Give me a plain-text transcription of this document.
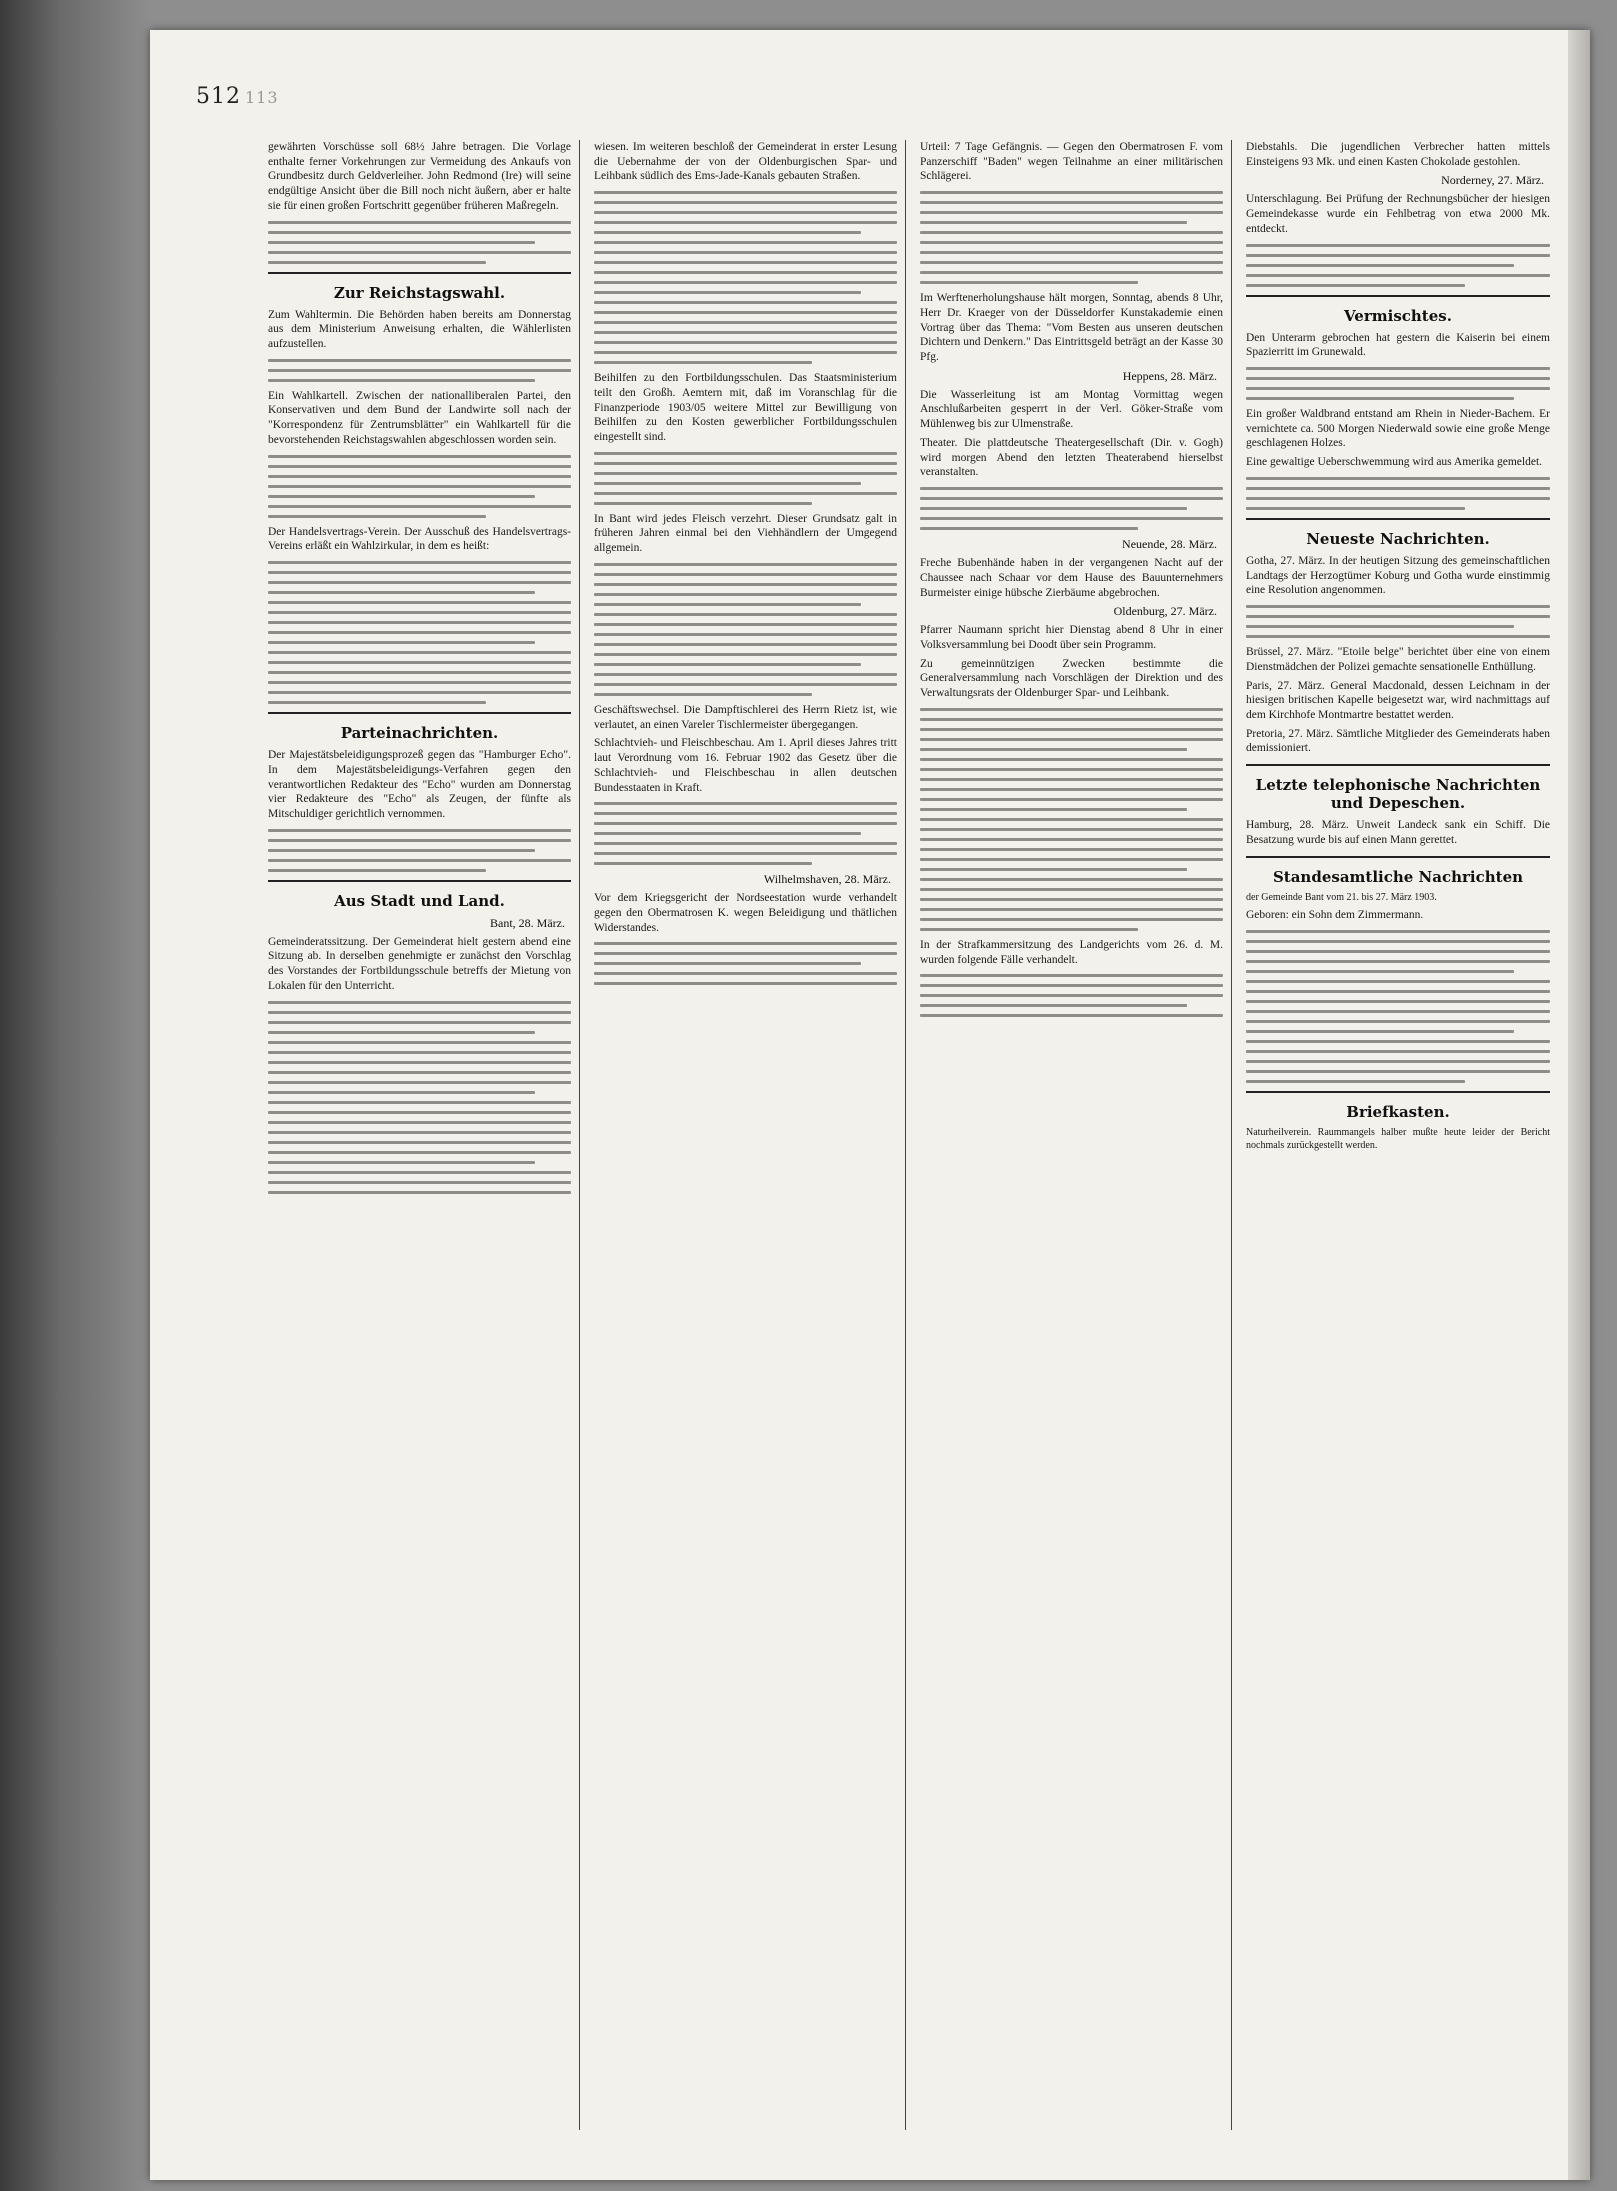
512 113

gewährten Vorschüsse soll 68½ Jahre betragen. Die Vorlage enthalte ferner Vorkehrungen zur Vermeidung des Ankaufs von Grundbesitz durch Geldverleiher. John Redmond (Ire) will seine endgültige Ansicht über die Bill noch nicht äußern, aber er halte sie für einen großen Fortschritt gegenüber früheren Maßregeln.

Zur Reichstagswahl.

Zum Wahltermin. Die Behörden haben bereits am Donnerstag aus dem Ministerium Anweisung erhalten, die Wählerlisten aufzustellen.

Ein Wahlkartell. Zwischen der nationalliberalen Partei, den Konservativen und dem Bund der Landwirte soll nach der "Korrespondenz für Zentrumsblätter" ein Wahlkartell für die bevorstehenden Reichstagswahlen abgeschlossen worden sein.

Der Handelsvertrags-Verein. Der Ausschuß des Handelsvertrags-Vereins erläßt ein Wahlzirkular, in dem es heißt:

Parteinachrichten.

Der Majestätsbeleidigungsprozeß gegen das "Hamburger Echo". In dem Majestätsbeleidigungs-Verfahren gegen den verantwortlichen Redakteur des "Echo" wurden am Donnerstag vier Redakteure des "Echo" als Zeugen, der fünfte als Mitschuldiger gerichtlich vernommen.

Aus Stadt und Land.
Bant, 28. März.

Gemeinderatssitzung. Der Gemeinderat hielt gestern abend eine Sitzung ab. In derselben genehmigte er zunächst den Vorschlag des Vorstandes der Fortbildungsschule betreffs der Mietung von Lokalen für den Unterricht.

wiesen. Im weiteren beschloß der Gemeinderat in erster Lesung die Uebernahme der von der Oldenburgischen Spar- und Leihbank südlich des Ems-Jade-Kanals gebauten Straßen.

Beihilfen zu den Fortbildungsschulen. Das Staatsministerium teilt den Großh. Aemtern mit, daß im Voranschlag für die Finanzperiode 1903/05 weitere Mittel zur Bewilligung von Beihilfen zu den Kosten gewerblicher Fortbildungsschulen eingestellt sind.

In Bant wird jedes Fleisch verzehrt. Dieser Grundsatz galt in früheren Jahren einmal bei den Viehhändlern der Umgegend allgemein.

Geschäftswechsel. Die Dampftischlerei des Herrn Rietz ist, wie verlautet, an einen Vareler Tischlermeister übergegangen.

Schlachtvieh- und Fleischbeschau. Am 1. April dieses Jahres tritt laut Verordnung vom 16. Februar 1902 das Gesetz über die Schlachtvieh- und Fleischbeschau in allen deutschen Bundesstaaten in Kraft.

Wilhelmshaven, 28. März.

Vor dem Kriegsgericht der Nordseestation wurde verhandelt gegen den Obermatrosen K. wegen Beleidigung und thätlichen Widerstandes.

Urteil: 7 Tage Gefängnis. — Gegen den Obermatrosen F. vom Panzerschiff "Baden" wegen Teilnahme an einer militärischen Schlägerei.

Im Werftenerholungshause hält morgen, Sonntag, abends 8 Uhr, Herr Dr. Kraeger von der Düsseldorfer Kunstakademie einen Vortrag über das Thema: "Vom Besten aus unseren deutschen Dichtern und Denkern." Das Eintrittsgeld beträgt an der Kasse 30 Pfg.

Heppens, 28. März.

Die Wasserleitung ist am Montag Vormittag wegen Anschlußarbeiten gesperrt in der Verl. Göker-Straße vom Mühlenweg bis zur Ulmenstraße.

Theater. Die plattdeutsche Theatergesellschaft (Dir. v. Gogh) wird morgen Abend den letzten Theaterabend hierselbst veranstalten.

Neuende, 28. März.

Freche Bubenhände haben in der vergangenen Nacht auf der Chaussee nach Schaar vor dem Hause des Bauunternehmers Burmeister einige hübsche Zierbäume abgebrochen.

Oldenburg, 27. März.

Pfarrer Naumann spricht hier Dienstag abend 8 Uhr in einer Volksversammlung bei Doodt über sein Programm.

Zu gemeinnützigen Zwecken bestimmte die Generalversammlung nach Vorschlägen der Direktion und des Verwaltungsrats der Oldenburger Spar- und Leihbank.

In der Strafkammersitzung des Landgerichts vom 26. d. M. wurden folgende Fälle verhandelt.

Diebstahls. Die jugendlichen Verbrecher hatten mittels Einsteigens 93 Mk. und einen Kasten Chokolade gestohlen.

Norderney, 27. März.

Unterschlagung. Bei Prüfung der Rechnungsbücher der hiesigen Gemeindekasse wurde ein Fehlbetrag von etwa 2000 Mk. entdeckt.

Vermischtes.

Den Unterarm gebrochen hat gestern die Kaiserin bei einem Spazierritt im Grunewald.

Ein großer Waldbrand entstand am Rhein in Nieder-Bachem. Er vernichtete ca. 500 Morgen Niederwald sowie eine große Menge geschlagenen Holzes.

Eine gewaltige Ueberschwemmung wird aus Amerika gemeldet.

Neueste Nachrichten.

Gotha, 27. März. In der heutigen Sitzung des gemeinschaftlichen Landtags der Herzogtümer Koburg und Gotha wurde einstimmig eine Resolution angenommen.

Brüssel, 27. März. "Etoile belge" berichtet über eine von einem Dienstmädchen der Polizei gemachte sensationelle Enthüllung.

Paris, 27. März. General Macdonald, dessen Leichnam in der hiesigen britischen Kapelle beigesetzt war, wird nachmittags auf dem Kirchhofe Montmartre bestattet werden.

Pretoria, 27. März. Sämtliche Mitglieder des Gemeinderats haben demissioniert.

Letzte telephonische Nachrichten und Depeschen.

Hamburg, 28. März. Unweit Landeck sank ein Schiff. Die Besatzung wurde bis auf einen Mann gerettet.

Standesamtliche Nachrichten
der Gemeinde Bant vom 21. bis 27. März 1903.

Geboren: ein Sohn dem Zimmermann.

Briefkasten.

Naturheilverein. Raummangels halber mußte heute leider der Bericht nochmals zurückgestellt werden.
